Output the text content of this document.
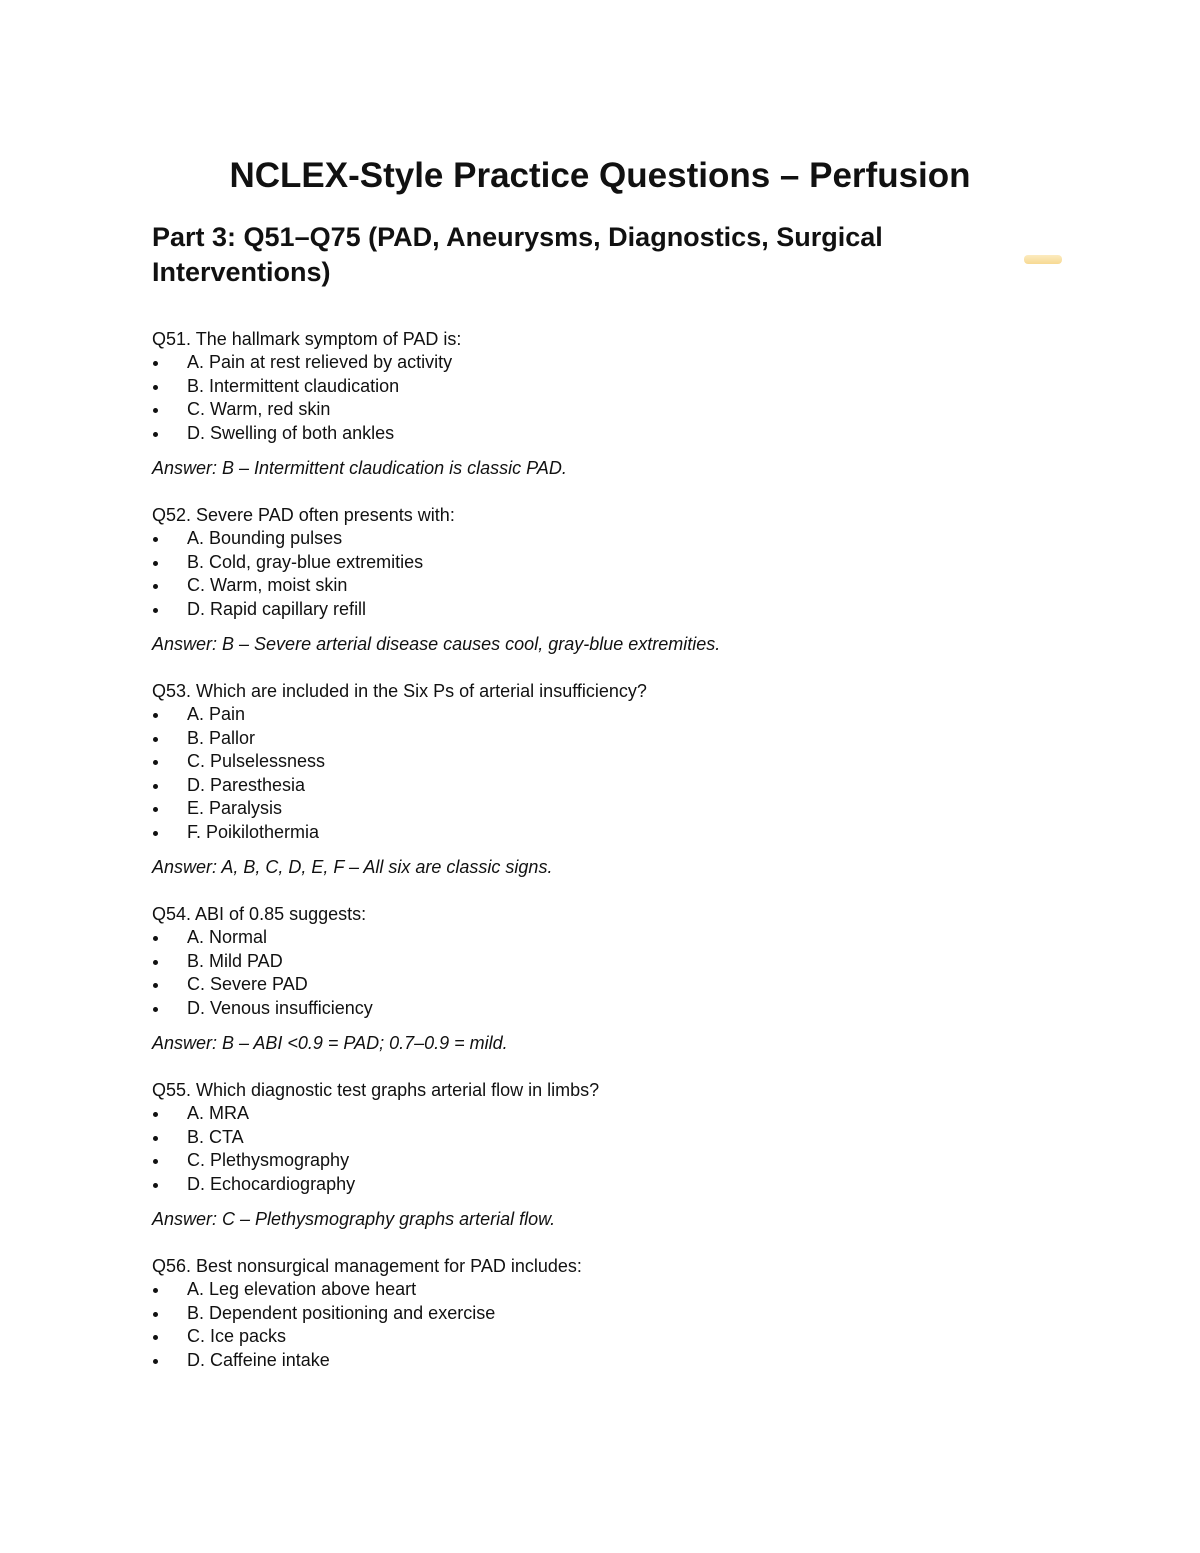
NCLEX-Style Practice Questions – Perfusion
Part 3: Q51–Q75 (PAD, Aneurysms, Diagnostics, Surgical
Interventions)

Q51. The hallmark symptom of PAD is:

A. Pain at rest relieved by activity
B. Intermittent claudication
C. Warm, red skin
D. Swelling of both ankles

Answer: B – Intermittent claudication is classic PAD.

Q52. Severe PAD often presents with:

A. Bounding pulses
B. Cold, gray-blue extremities
C. Warm, moist skin
D. Rapid capillary refill

Answer: B – Severe arterial disease causes cool, gray-blue extremities.

Q53. Which are included in the Six Ps of arterial insufficiency?

A. Pain
B. Pallor
C. Pulselessness
D. Paresthesia
E. Paralysis
F. Poikilothermia

Answer: A, B, C, D, E, F – All six are classic signs.

Q54. ABI of 0.85 suggests:

A. Normal
B. Mild PAD
C. Severe PAD
D. Venous insufficiency

Answer: B – ABI <0.9 = PAD; 0.7–0.9 = mild.

Q55. Which diagnostic test graphs arterial flow in limbs?

A. MRA
B. CTA
C. Plethysmography
D. Echocardiography

Answer: C – Plethysmography graphs arterial flow.

Q56. Best nonsurgical management for PAD includes:

A. Leg elevation above heart
B. Dependent positioning and exercise
C. Ice packs
D. Caffeine intake
